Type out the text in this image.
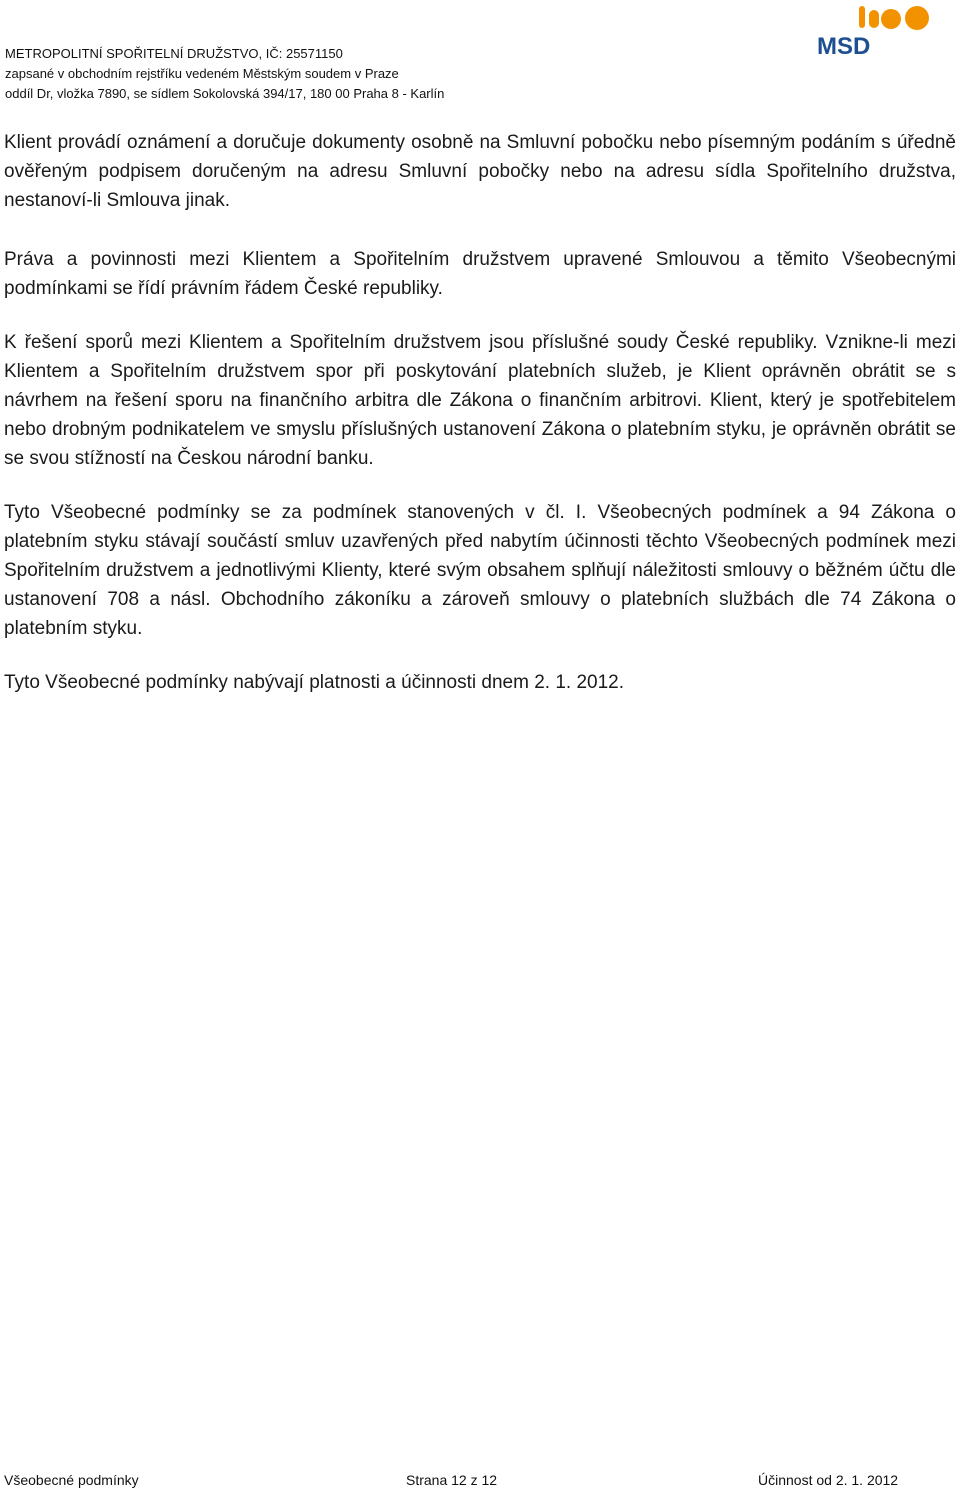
METROPOLITNÍ SPOŘITELNÍ DRUŽSTVO, IČ: 25571150
zapsané v obchodním rejstříku vedeném Městským soudem v Praze
oddíl Dr, vložka 7890, se sídlem Sokolovská 394/17, 180 00 Praha 8 - Karlín
MSD

Klient provádí oznámení a doručuje dokumenty osobně na Smluvní pobočku nebo písemným podáním s úředně ověřeným podpisem doručeným na adresu Smluvní pobočky nebo na adresu sídla Spořitelního družstva, nestanoví-li Smlouva jinak.

Práva a povinnosti mezi Klientem a Spořitelním družstvem upravené Smlouvou a těmito Všeobecnými podmínkami se řídí právním řádem České republiky.

K řešení sporů mezi Klientem a Spořitelním družstvem jsou příslušné soudy České republiky. Vznikne-li mezi Klientem a Spořitelním družstvem spor při poskytování platebních služeb, je Klient oprávněn obrátit se s návrhem na řešení sporu na finančního arbitra dle Zákona o finančním arbitrovi. Klient, který je spotřebitelem nebo drobným podnikatelem ve smyslu příslušných ustanovení Zákona o platebním styku, je oprávněn obrátit se se svou stížností na Českou národní banku.

Tyto Všeobecné podmínky se za podmínek stanovených v čl. I. Všeobecných podmínek a 94 Zákona o platebním styku stávají součástí smluv uzavřených před nabytím účinnosti těchto Všeobecných podmínek mezi Spořitelním družstvem a jednotlivými Klienty, které svým obsahem splňují náležitosti smlouvy o běžném účtu dle ustanovení 708 a násl. Obchodního zákoníku a zároveň smlouvy o platebních službách dle 74 Zákona o platebním styku.

Tyto Všeobecné podmínky nabývají platnosti a účinnosti dnem 2. 1. 2012.

Všeobecné podmínky	Strana 12 z 12	Účinnost od 2. 1. 2012
